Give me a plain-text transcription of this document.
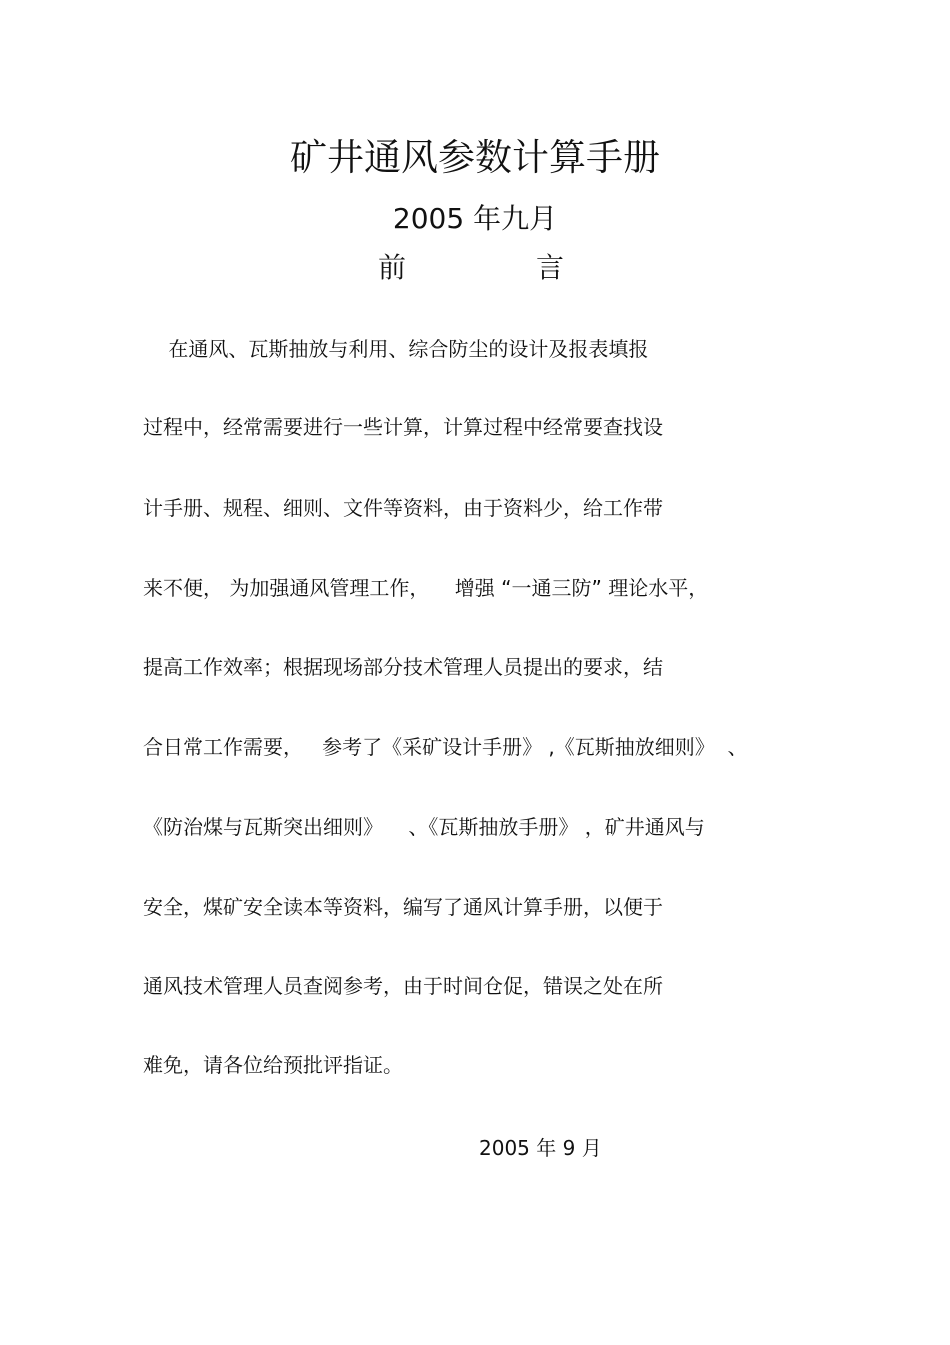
矿井通风参数计算手册
2005 年九月
前	言
在通风、瓦斯抽放与利用、综合防尘的设计及报表填报
过程中，经常需要进行一些计算，计算过程中经常要查找设
计手册、规程、细则、文件等资料，由于资料少，给工作带
来不便， 为加强通风管理工作，    增强 “一通三防” 理论水平，
提高工作效率；根据现场部分技术管理人员提出的要求，结
合日常工作需要，   参考了《采矿设计手册》 ,《瓦斯抽放细则》  、
《防治煤与瓦斯突出细则》    、《瓦斯抽放手册》 ，矿井通风与
安全，煤矿安全读本等资料，编写了通风计算手册，以便于
通风技术管理人员查阅参考，由于时间仓促，错误之处在所
难免，请各位给预批评指证。
2005 年 9 月
